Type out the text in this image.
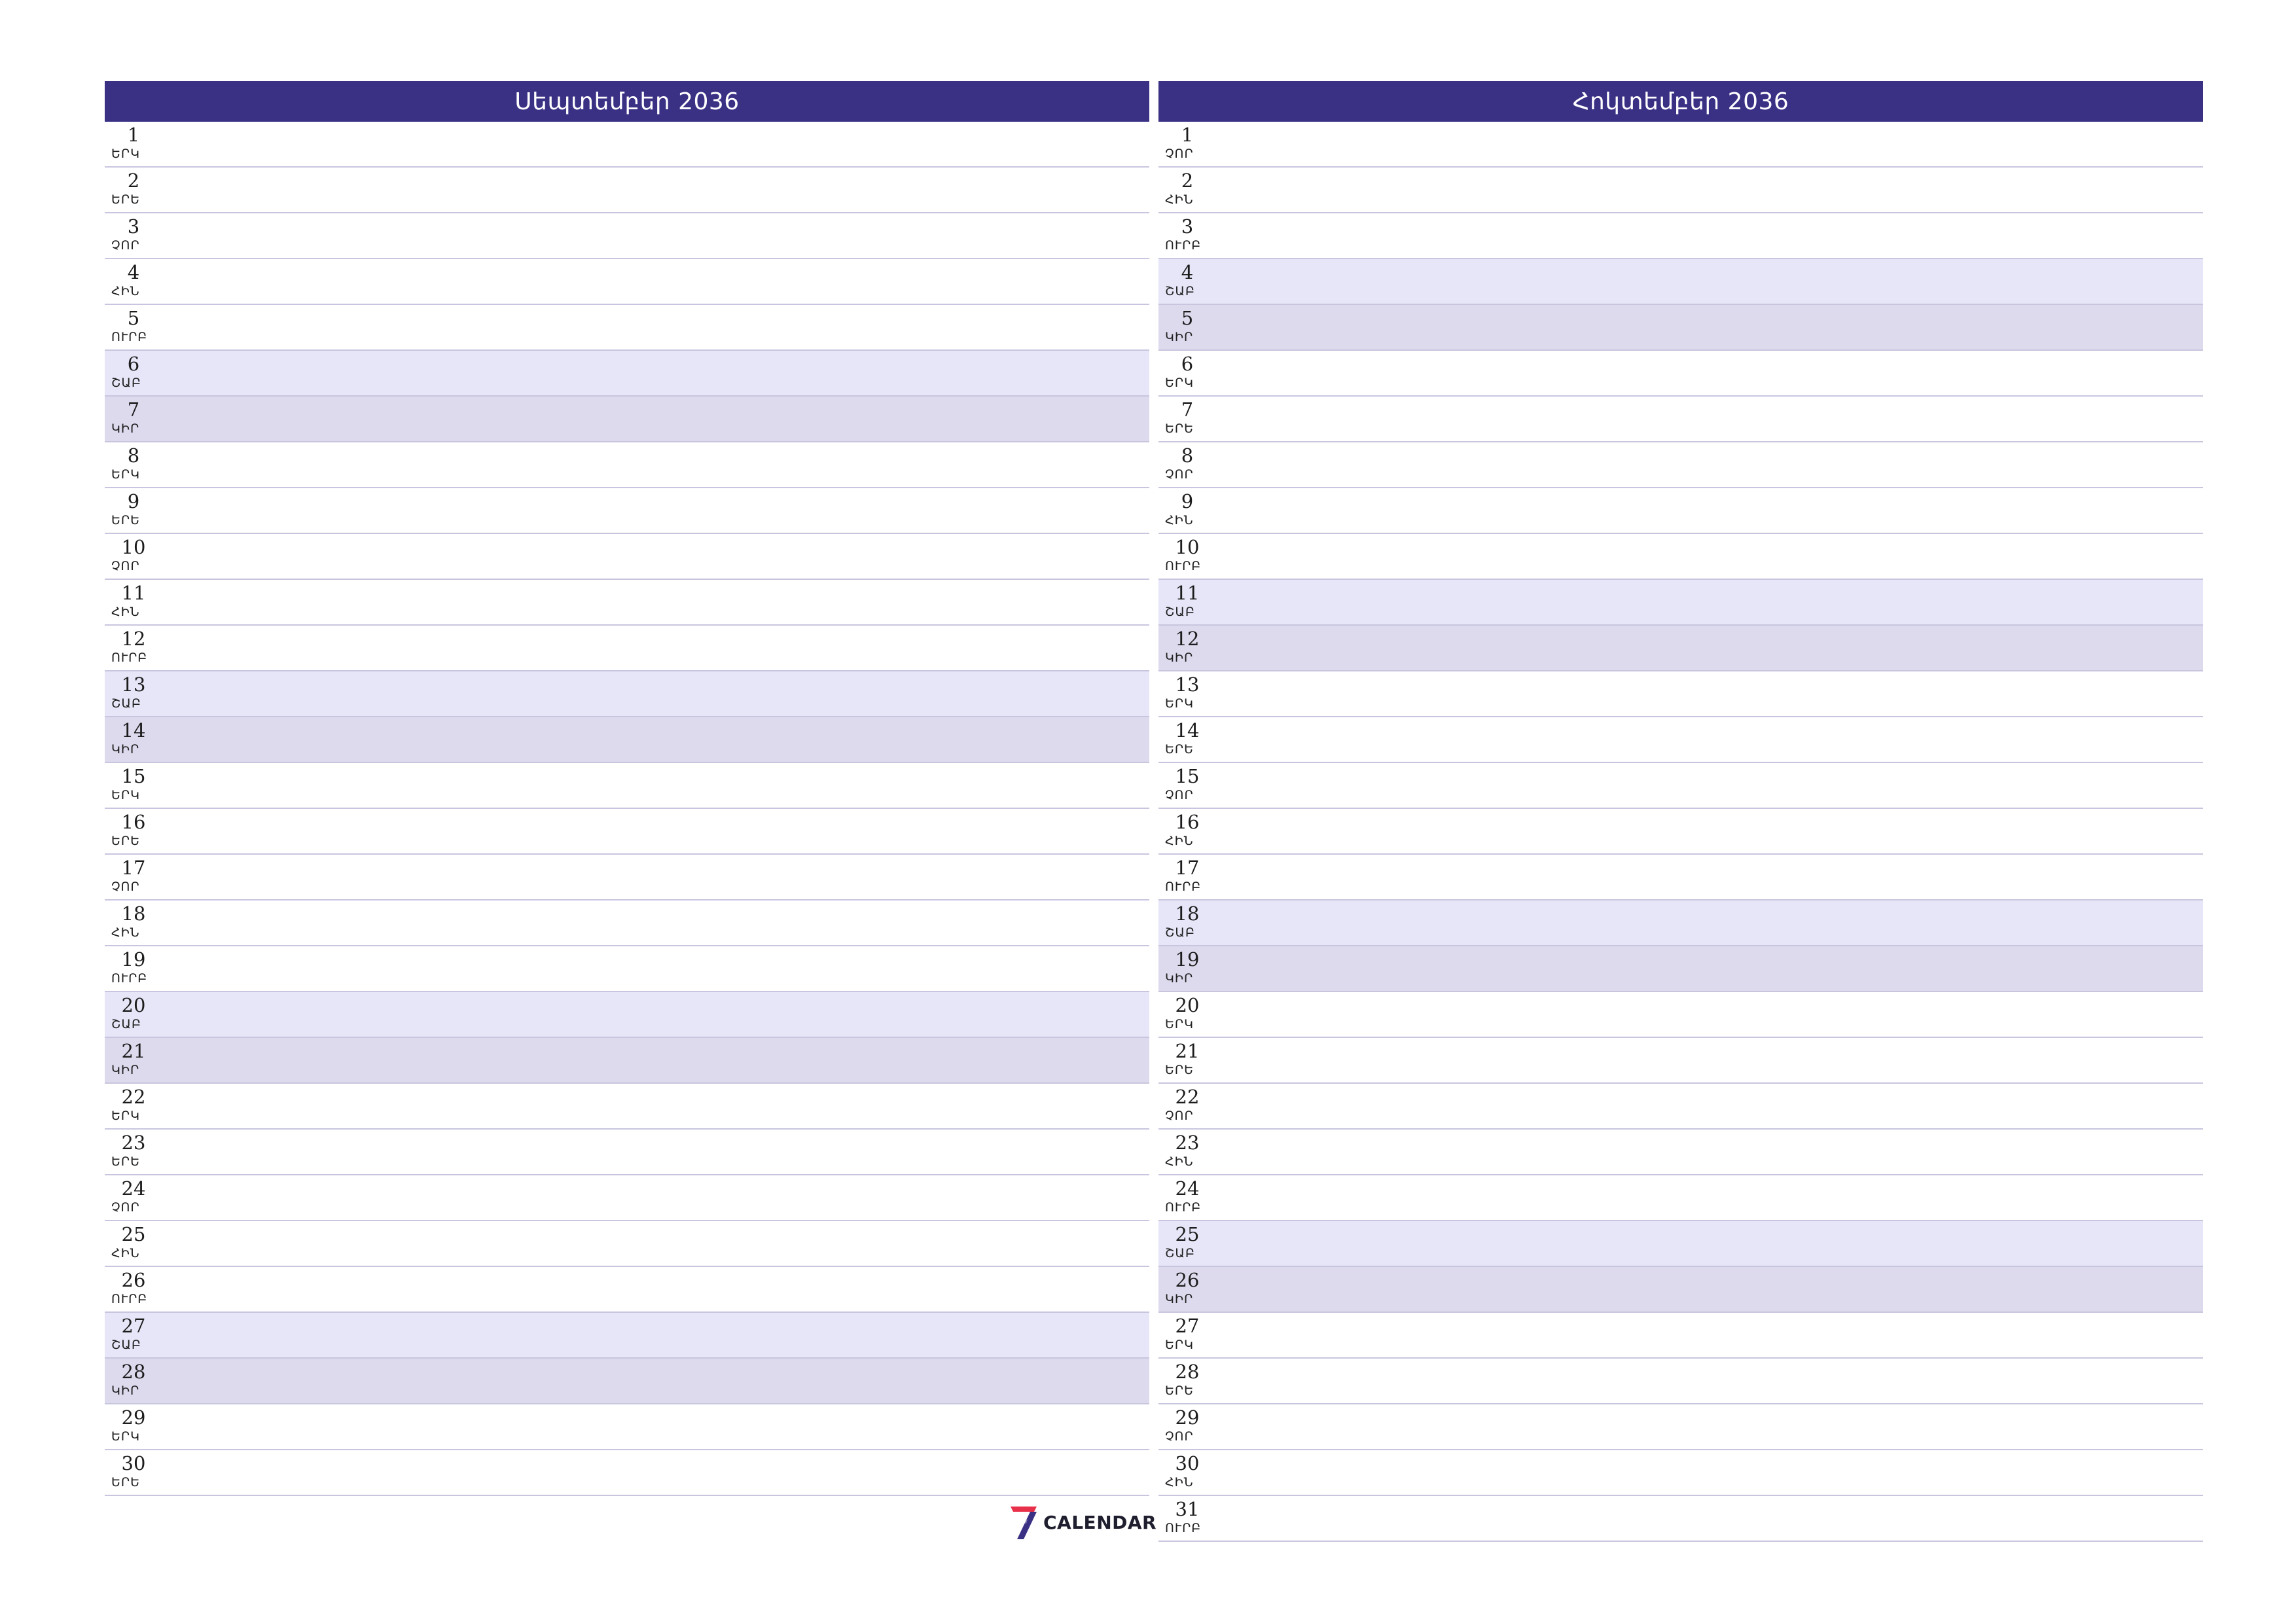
Սեպտեմբեր 2036
1
ԵՐԿ
2
ԵՐԵ
3
ՉՈՐ
4
ՀԻՆ
5
ՈՒՐԲ
6
ՇԱԲ
7
ԿԻՐ
8
ԵՐԿ
9
ԵՐԵ
10
ՉՈՐ
11
ՀԻՆ
12
ՈՒՐԲ
13
ՇԱԲ
14
ԿԻՐ
15
ԵՐԿ
16
ԵՐԵ
17
ՉՈՐ
18
ՀԻՆ
19
ՈՒՐԲ
20
ՇԱԲ
21
ԿԻՐ
22
ԵՐԿ
23
ԵՐԵ
24
ՉՈՐ
25
ՀԻՆ
26
ՈՒՐԲ
27
ՇԱԲ
28
ԿԻՐ
29
ԵՐԿ
30
ԵՐԵ
Հոկտեմբեր 2036
1
ՉՈՐ
2
ՀԻՆ
3
ՈՒՐԲ
4
ՇԱԲ
5
ԿԻՐ
6
ԵՐԿ
7
ԵՐԵ
8
ՉՈՐ
9
ՀԻՆ
10
ՈՒՐԲ
11
ՇԱԲ
12
ԿԻՐ
13
ԵՐԿ
14
ԵՐԵ
15
ՉՈՐ
16
ՀԻՆ
17
ՈՒՐԲ
18
ՇԱԲ
19
ԿԻՐ
20
ԵՐԿ
21
ԵՐԵ
22
ՉՈՐ
23
ՀԻՆ
24
ՈՒՐԲ
25
ՇԱԲ
26
ԿԻՐ
27
ԵՐԿ
28
ԵՐԵ
29
ՉՈՐ
30
ՀԻՆ
31
ՈՒՐԲ
CALENDAR
